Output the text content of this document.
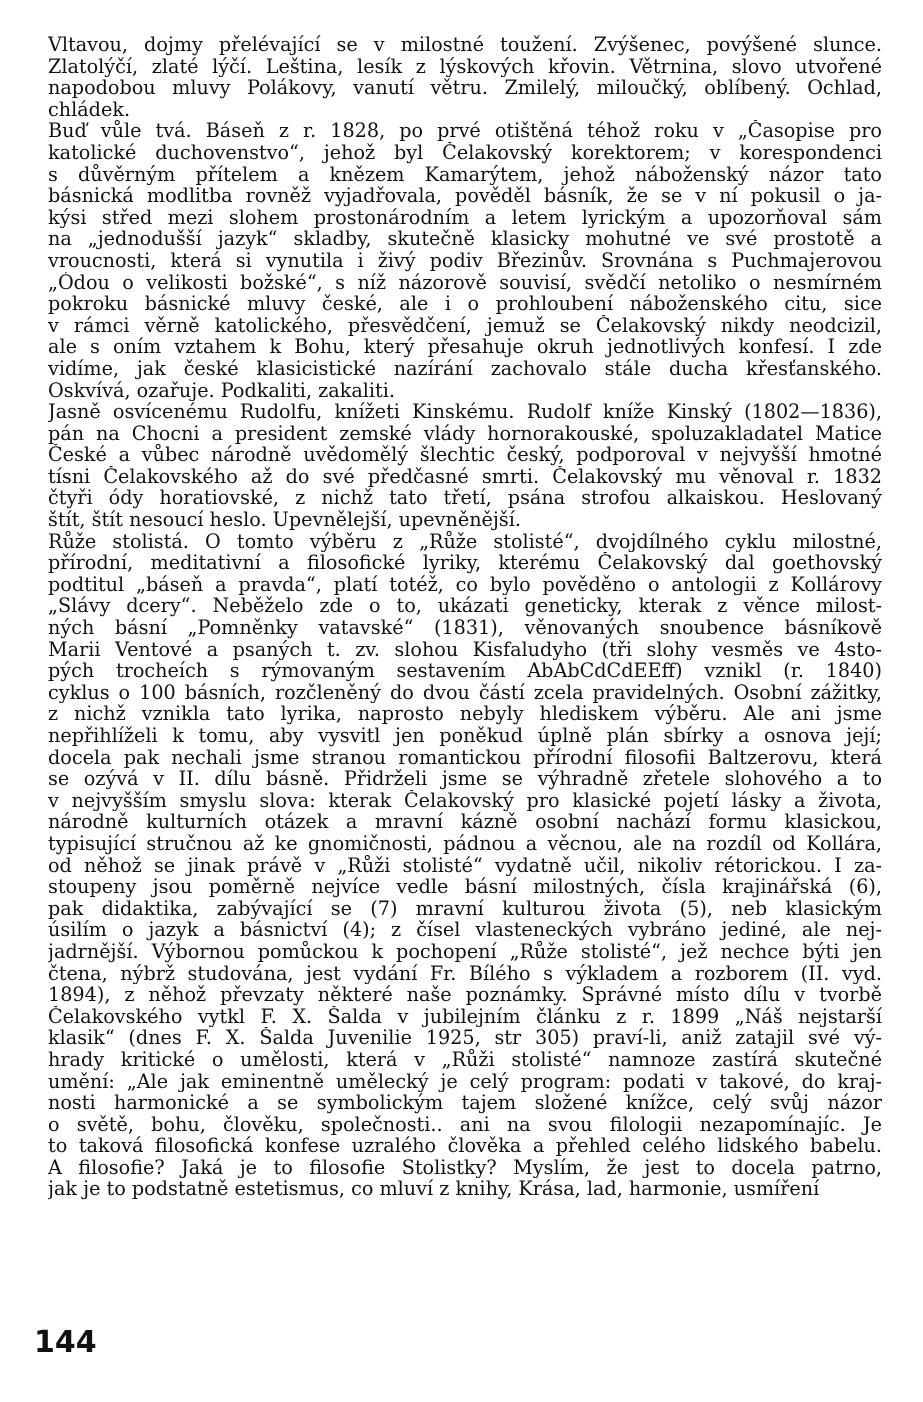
Vltavou, dojmy přelévající se v milostné toužení. Zvýšenec, povýšené slunce.
Zlatolýčí, zlaté lýčí. Leština, lesík z lýskových křovin. Větrnina, slovo utvořené
napodobou mluvy Polákovy, vanutí větru. Zmilelý, miloučký, oblíbený. Ochlad,
chládek.
Buď vůle tvá. Báseň z r. 1828, po prvé otištěná téhož roku v „Časopise pro
katolické duchovenstvo“, jehož byl Čelakovský korektorem; v korespondenci
s důvěrným přítelem a knězem Kamarýtem, jehož náboženský názor tato
básnická modlitba rovněž vyjadřovala, pověděl básník, že se v ní pokusil o ja-
kýsi střed mezi slohem prostonárodním a letem lyrickým a upozorňoval sám
na „jednodušší jazyk“ skladby, skutečně klasicky mohutné ve své prostotě a
vroucnosti, která si vynutila i živý podiv Březinův. Srovnána s Puchmajerovou
„Ódou o velikosti božské“, s níž názorově souvisí, svědčí netoliko o nesmírném
pokroku básnické mluvy české, ale i o prohloubení náboženského citu, sice
v rámci věrně katolického, přesvědčení, jemuž se Čelakovský nikdy neodcizil,
ale s oním vztahem k Bohu, který přesahuje okruh jednotlivých konfesí. I zde
vidíme, jak české klasicistické nazírání zachovalo stále ducha křesťanského.
Oskvívá, ozařuje. Podkaliti, zakaliti.
Jasně osvícenému Rudolfu, knížeti Kinskému. Rudolf kníže Kinský (1802—1836),
pán na Chocni a president zemské vlády hornorakouské, spoluzakladatel Matice
České a vůbec národně uvědomělý šlechtic český, podporoval v nejvyšší hmotné
tísni Čelakovského až do své předčasné smrti. Čelakovský mu věnoval r. 1832
čtyři ódy horatiovské, z nichž tato třetí, psána strofou alkaiskou. Heslovaný
štít, štít nesoucí heslo. Upevnělejší, upevněnější.
Růže stolistá. O tomto výběru z „Růže stolisté“, dvojdílného cyklu milostné,
přírodní, meditativní a filosofické lyriky, kterému Čelakovský dal goethovský
podtitul „báseň a pravda“, platí totéž, co bylo pověděno o antologii z Kollárovy
„Slávy dcery“. Neběželo zde o to, ukázati geneticky, kterak z věnce milost-
ných básní „Pomněnky vatavské“ (1831), věnovaných snoubence básníkově
Marii Ventové a psaných t. zv. slohou Kisfaludyho (tři slohy vesměs ve 4sto-
pých trocheích s rýmovaným sestavením AbAbCdCdEEff) vznikl (r. 1840)
cyklus o 100 básních, rozčleněný do dvou částí zcela pravidelných. Osobní zážitky,
z nichž vznikla tato lyrika, naprosto nebyly hlediskem výběru. Ale ani jsme
nepřihlíželi k tomu, aby vysvitl jen poněkud úplně plán sbírky a osnova její;
docela pak nechali jsme stranou romantickou přírodní filosofii Baltzerovu, která
se ozývá v II. dílu básně. Přidrželi jsme se výhradně zřetele slohového a to
v nejvyšším smyslu slova: kterak Čelakovský pro klasické pojetí lásky a života,
národně kulturních otázek a mravní kázně osobní nachází formu klasickou,
typisující stručnou až ke gnomičnosti, pádnou a věcnou, ale na rozdíl od Kollára,
od něhož se jinak právě v „Růži stolisté“ vydatně učil, nikoliv rétorickou. I za-
stoupeny jsou poměrně nejvíce vedle básní milostných, čísla krajinářská (6),
pak didaktika, zabývající se (7) mravní kulturou života (5), neb klasickým
úsilím o jazyk a básnictví (4); z čísel vlasteneckých vybráno jediné, ale nej-
jadrnější. Výbornou pomůckou k pochopení „Růže stolisté“, jež nechce býti jen
čtena, nýbrž studována, jest vydání Fr. Bílého s výkladem a rozborem (II. vyd.
1894), z něhož převzaty některé naše poznámky. Správné místo dílu v tvorbě
Čelakovského vytkl F. X. Šalda v jubilejním článku z r. 1899 „Náš nejstarší
klasik“ (dnes F. X. Šalda Juvenilie 1925, str 305) praví-li, aniž zatajil své vý-
hrady kritické o umělosti, která v „Růži stolisté“ namnoze zastírá skutečné
umění: „Ale jak eminentně umělecký je celý program: podati v takové, do kraj-
nosti harmonické a se symbolickým tajem složené knížce, celý svůj názor
o světě, bohu, člověku, společnosti.. ani na svou filologii nezapomínajíc. Je
to taková filosofická konfese uzralého člověka a přehled celého lidského babelu.
A filosofie? Jaká je to filosofie Stolistky? Myslím, že jest to docela patrno,
jak je to podstatně estetismus, co mluví z knihy, Krása, lad, harmonie, usmíření
144
